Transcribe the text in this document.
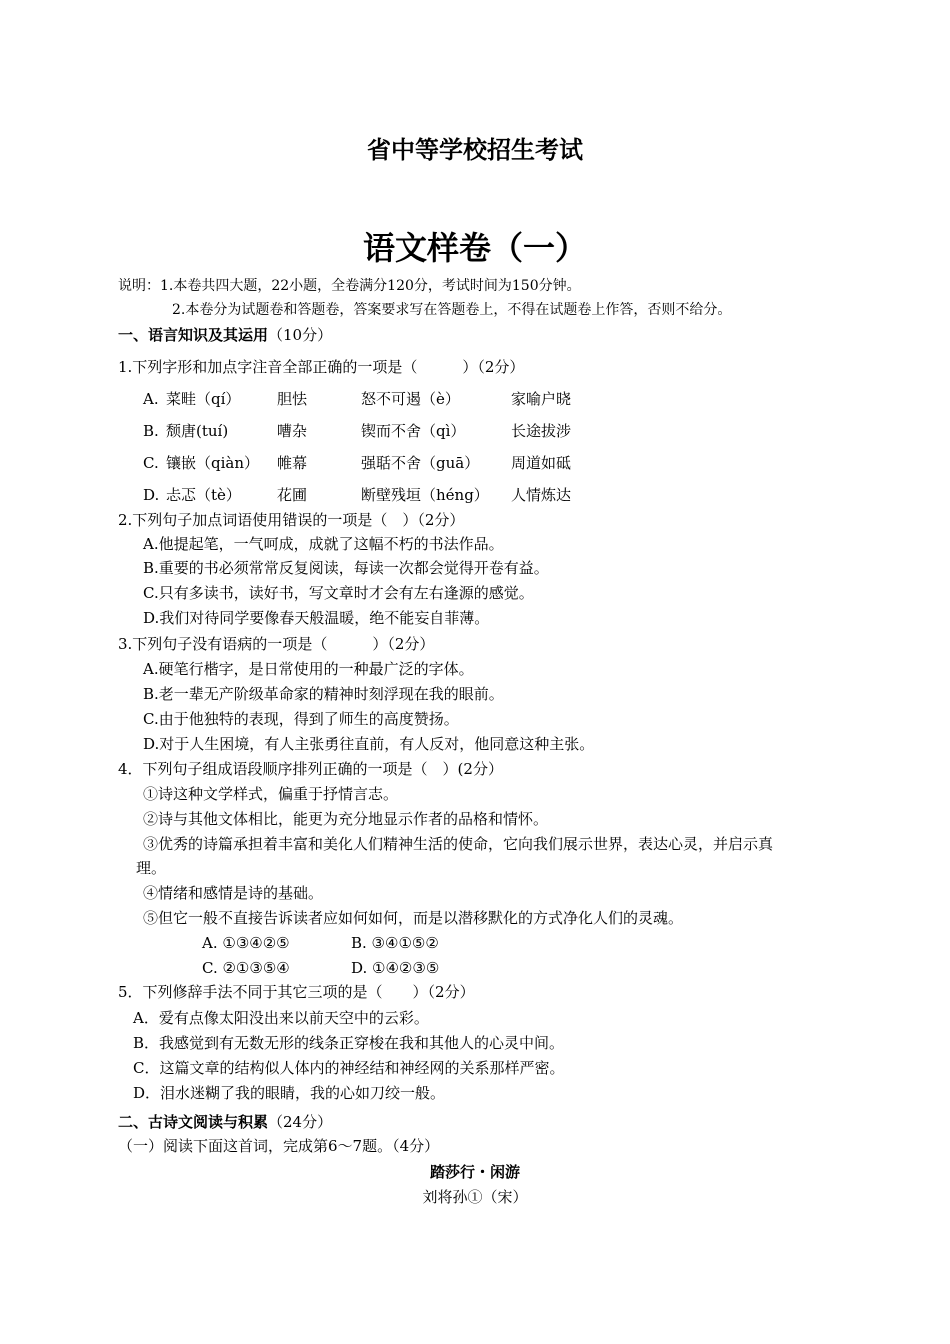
省中等学校招生考试
语文样卷（一）
说明：1.本卷共四大题，22小题，全卷满分120分，考试时间为150分钟。
2.本卷分为试题卷和答题卷，答案要求写在答题卷上，不得在试题卷上作答，否则不给分。
一、语言知识及其运用（10分）
1.下列字形和加点字注音全部正确的一项是（　　　）（2分）
A. 菜畦（qí） 胆怯	怒不可遏（è）	家喻户晓
B. 颓唐(tuí)	嘈杂	锲而不舍（qì）	长途拔涉
C. 镶嵌（qiàn） 帷幕	强聒不舍（guā） 周道如砥
D. 忐忑（tè） 花圃	断壁残垣（héng） 人情炼达
2.下列句子加点词语使用错误的一项是（　）（2分）
A.他提起笔，一气呵成，成就了这幅不朽的书法作品。
B.重要的书必须常常反复阅读，每读一次都会觉得开卷有益。
C.只有多读书，读好书，写文章时才会有左右逢源的感觉。
D.我们对待同学要像春天般温暖，绝不能妄自菲薄。
3.下列句子没有语病的一项是（　　　）（2分）
A.硬笔行楷字，是日常使用的一种最广泛的字体。
B.老一辈无产阶级革命家的精神时刻浮现在我的眼前。
C.由于他独特的表现，得到了师生的高度赞扬。
D.对于人生困境，有人主张勇往直前，有人反对，他同意这种主张。
4．下列句子组成语段顺序排列正确的一项是（　）(2分）
①诗这种文学样式，偏重于抒情言志。
②诗与其他文体相比，能更为充分地显示作者的品格和情怀。
③优秀的诗篇承担着丰富和美化人们精神生活的使命，它向我们展示世界，表达心灵，并启示真
理。
④情绪和感情是诗的基础。
⑤但它一般不直接告诉读者应如何如何，而是以潜移默化的方式净化人们的灵魂。
A. ①③④②⑤	B. ③④①⑤②
C. ②①③⑤④	D. ①④②③⑤
5．下列修辞手法不同于其它三项的是（　　）（2分）
A．爱有点像太阳没出来以前天空中的云彩。
B．我感觉到有无数无形的线条正穿梭在我和其他人的心灵中间。
C．这篇文章的结构似人体内的神经结和神经网的关系那样严密。
D．泪水迷糊了我的眼睛，我的心如刀绞一般。
二、古诗文阅读与积累（24分）
（一）阅读下面这首词，完成第6～7题。（4分）
踏莎行・闲游
刘将孙①（宋）
